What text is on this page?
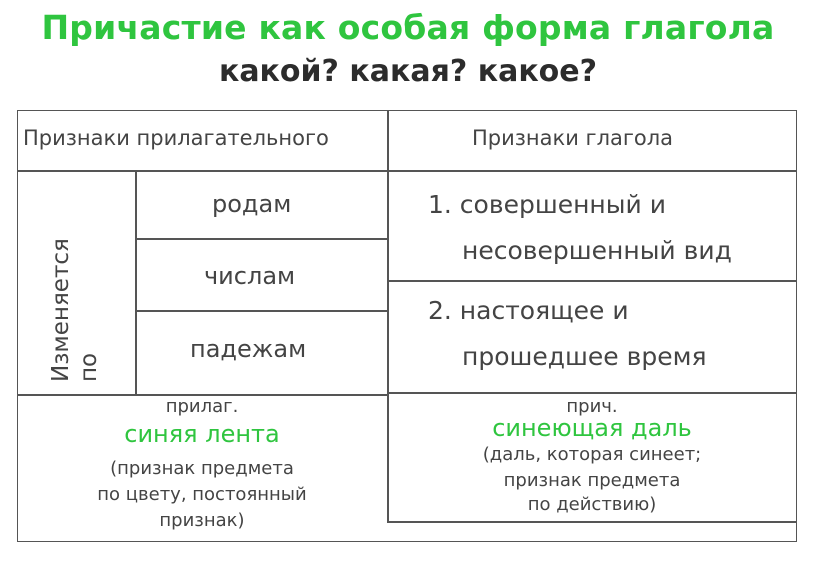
Причастие как особая форма глагола
какой? какая? какое?
Признаки прилагательного	Признаки глагола
Изменяется по
родам
числам
падежам
1. совершенный и
несовершенный вид
2. настоящее и
прошедшее время
прилаг.
синяя лента
(признак предмета
по цвету, постоянный
признак)
прич.
синеющая даль
(даль, которая синеет;
признак предмета
по действию)
